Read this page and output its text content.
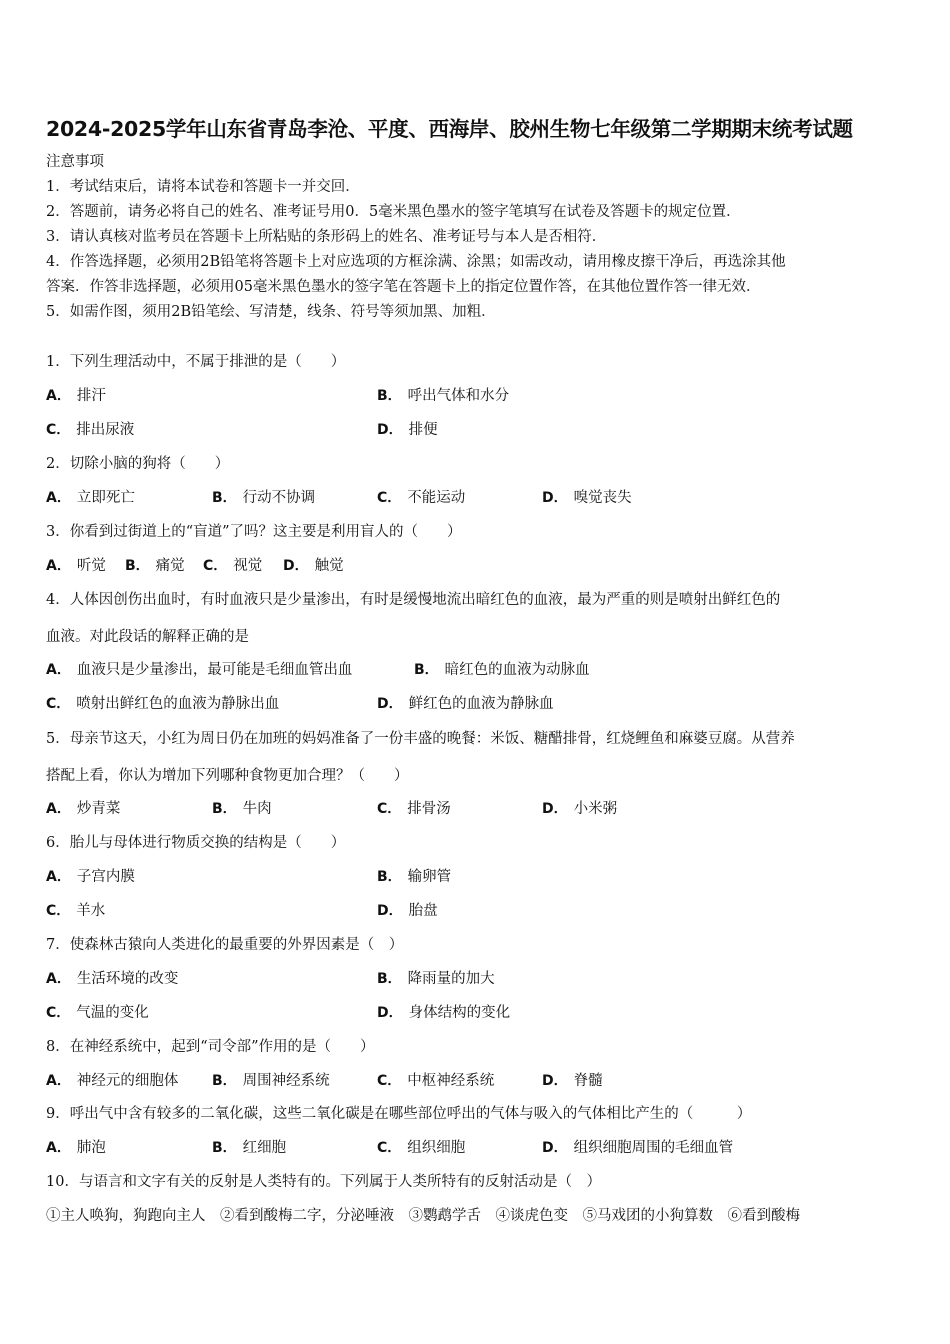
2024-2025学年山东省青岛李沧、平度、西海岸、胶州生物七年级第二学期期末统考试题
注意事项
1．考试结束后，请将本试卷和答题卡一并交回．
2．答题前，请务必将自己的姓名、准考证号用0．5毫米黑色墨水的签字笔填写在试卷及答题卡的规定位置．
3．请认真核对监考员在答题卡上所粘贴的条形码上的姓名、准考证号与本人是否相符．
4．作答选择题，必须用2B铅笔将答题卡上对应选项的方框涂满、涂黑；如需改动，请用橡皮擦干净后，再选涂其他
答案．作答非选择题，必须用05毫米黑色墨水的签字笔在答题卡上的指定位置作答，在其他位置作答一律无效．
5．如需作图，须用2B铅笔绘、写清楚，线条、符号等须加黑、加粗．
1．下列生理活动中，不属于排泄的是（　　）
A． 排汗	B． 呼出气体和水分
C． 排出尿液	D． 排便
2．切除小脑的狗将（　　）
A． 立即死亡	B． 行动不协调	C． 不能运动	D． 嗅觉丧失
3．你看到过街道上的“盲道”了吗？这主要是利用盲人的（　　）
A． 听觉 B． 痛觉 C． 视觉 D． 触觉
4．人体因创伤出血时，有时血液只是少量渗出，有时是缓慢地流出暗红色的血液，最为严重的则是喷射出鲜红色的
血液。对此段话的解释正确的是
A． 血液只是少量渗出，最可能是毛细血管出血	B． 暗红色的血液为动脉血
C． 喷射出鲜红色的血液为静脉出血	D． 鲜红色的血液为静脉血
5．母亲节这天，小红为周日仍在加班的妈妈准备了一份丰盛的晚餐：米饭、糖醋排骨，红烧鲤鱼和麻婆豆腐。从营养
搭配上看，你认为增加下列哪种食物更加合理？（　　）
A． 炒青菜	B． 牛肉	C． 排骨汤	D． 小米粥
6．胎儿与母体进行物质交换的结构是（　　）
A． 子宫内膜	B． 输卵管
C． 羊水	D． 胎盘
7．使森林古猿向人类进化的最重要的外界因素是（　）
A． 生活环境的改变	B． 降雨量的加大
C． 气温的变化	D． 身体结构的变化
8．在神经系统中，起到“司令部”作用的是（　　）
A． 神经元的细胞体 B． 周围神经系统	C． 中枢神经系统	D． 脊髓
9．呼出气中含有较多的二氧化碳，这些二氧化碳是在哪些部位呼出的气体与吸入的气体相比产生的（　　　）
A． 肺泡	B． 红细胞	C． 组织细胞	D． 组织细胞周围的毛细血管
10．与语言和文字有关的反射是人类特有的。下列属于人类所特有的反射活动是（　）
①主人唤狗，狗跑向主人　②看到酸梅二字，分泌唾液　③鹦鹉学舌　④谈虎色变　⑤马戏团的小狗算数　⑥看到酸梅
